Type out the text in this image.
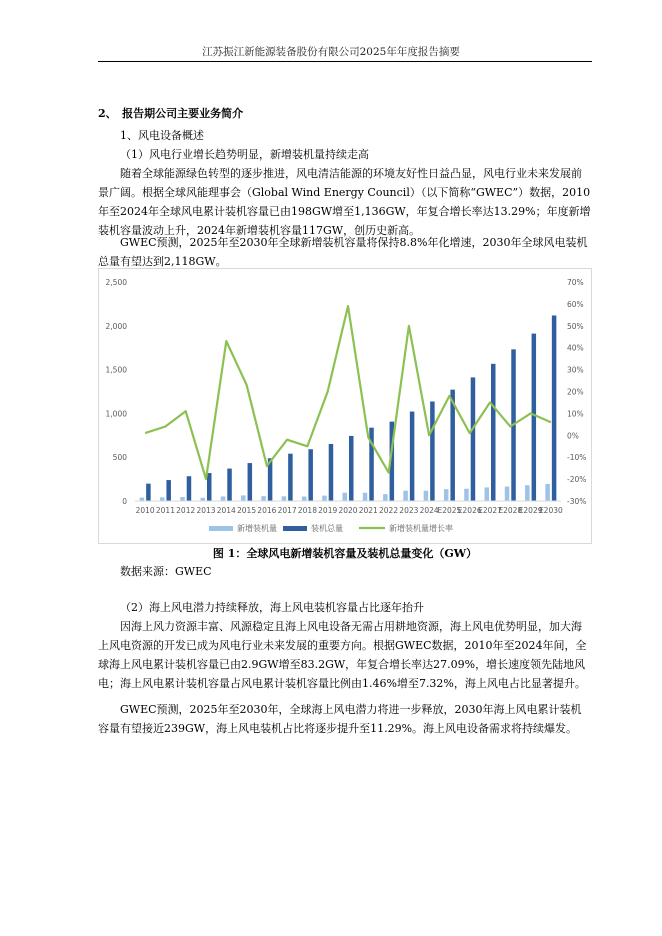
江苏振江新能源装备股份有限公司2025年年度报告摘要
2、　报告期公司主要业务简介
1、风电设备概述
（1）风电行业增长趋势明显，新增装机量持续走高
随着全球能源绿色转型的逐步推进，风电清洁能源的环境友好性日益凸显，风电行业未来发展前景广阔。根据全球风能理事会（Global Wind Energy Council）（以下简称“GWEC”）数据，2010年至2024年全球风电累计装机容量已由198GW增至1,136GW，年复合增长率达13.29%；年度新增装机容量波动上升，2024年新增装机容量117GW，创历史新高。
GWEC预测，2025年至2030年全球新增装机容量将保持8.8%年化增速，2030年全球风电装机总量有望达到2,118GW。
0
500
1,000
1,500
2,000
2,500
-30%
-20%
-10%
0%
10%
20%
30%
40%
50%
60%
70%
2010 2011 2012 2013 2014 2015 2016 2017 2018 2019 2020 2021 2022 2023 2024
E2025
E2026
E2027
E2028
E2029
E2030
新增装机量	装机总量	新增装机量增长率
图 1：全球风电新增装机容量及装机总量变化（GW）
数据来源：GWEC
（2）海上风电潜力持续释放，海上风电装机容量占比逐年抬升
因海上风力资源丰富、风源稳定且海上风电设备无需占用耕地资源，海上风电优势明显，加大海上风电资源的开发已成为风电行业未来发展的重要方向。根据GWEC数据，2010年至2024年间，全球海上风电累计装机容量已由2.9GW增至83.2GW，年复合增长率达27.09%，增长速度领先陆地风电；海上风电累计装机容量占风电累计装机容量比例由1.46%增至7.32%，海上风电占比显著提升。
GWEC预测，2025年至2030年，全球海上风电潜力将进一步释放，2030年海上风电累计装机容量有望接近239GW，海上风电装机占比将逐步提升至11.29%。海上风电设备需求将持续爆发。
